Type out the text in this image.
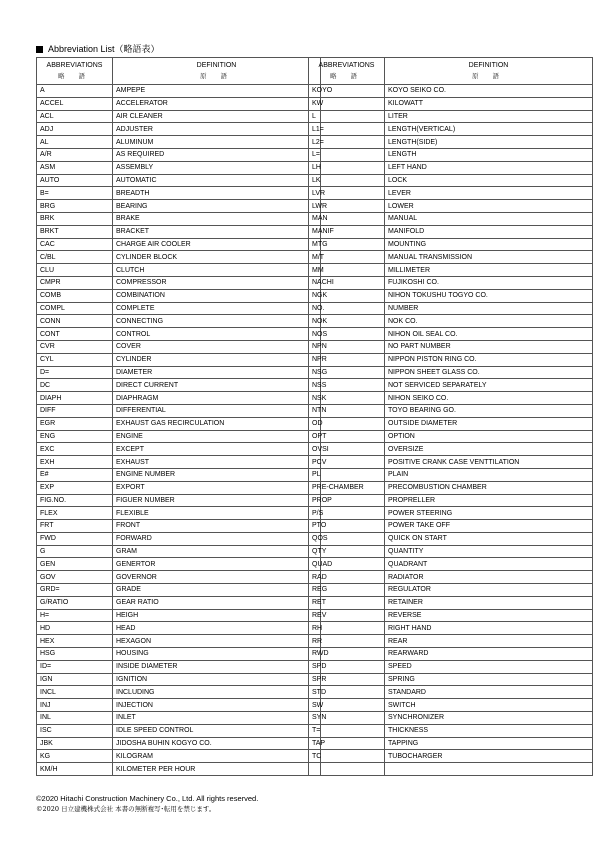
Abbreviation List（略語表）
ABBREVIATIONS
略 語	DEFINITION
原 語

A	AMPEPE
ACCEL	ACCELERATOR
ACL	AIR CLEANER
ADJ	ADJUSTER
AL	ALUMINUM
A/R	AS REQUIRED
ASM	ASSEMBLY
AUTO	AUTOMATIC
B=	BREADTH
BRG	BEARING
BRK	BRAKE
BRKT	BRACKET
CAC	CHARGE AIR COOLER
C/BL	CYLINDER BLOCK
CLU	CLUTCH
CMPR	COMPRESSOR
COMB	COMBINATION
COMPL	COMPLETE
CONN	CONNECTING
CONT	CONTROL
CVR	COVER
CYL	CYLINDER
D=	DIAMETER
DC	DIRECT CURRENT
DIAPH	DIAPHRAGM
DIFF	DIFFERENTIAL
EGR	EXHAUST GAS RECIRCULATION
ENG	ENGINE
EXC	EXCEPT
EXH	EXHAUST
E#	ENGINE NUMBER
EXP	EXPORT
FIG.NO.	FIGUER NUMBER
FLEX	FLEXIBLE
FRT	FRONT
FWD	FORWARD
G	GRAM
GEN	GENERTOR
GOV	GOVERNOR
GRD=	GRADE
G/RATIO	GEAR RATIO
H=	HEIGH
HD	HEAD
HEX	HEXAGON
HSG	HOUSING
ID=	INSIDE DIAMETER
IGN	IGNITION
INCL	INCLUDING
INJ	INJECTION
INL	INLET
ISC	IDLE SPEED CONTROL
JBK	JIDOSHA BUHIN KOGYO CO.
KG	KILOGRAM
KM/H	KILOMETER PER HOUR
ABBREVIATIONS
略 語	DEFINITION
原 語

KOYO	KOYO SEIKO CO.
KW	KILOWATT
L	LITER
L1=	LENGTH(VERTICAL)
L2=	LENGTH(SIDE)
L=	LENGTH
LH	LEFT HAND
LK	LOCK
LVR	LEVER
LWR	LOWER
MAN	MANUAL
MANIF	MANIFOLD
MTG	MOUNTING
M/T	MANUAL TRANSMISSION
MM	MILLIMETER
NACHI	FUJIKOSHI CO.
NGK	NIHON TOKUSHU TOGYO CO.
NO.	NUMBER
NOK	NOK CO.
NOS	NIHON OIL SEAL CO.
NPN	NO PART NUMBER
NPR	NIPPON PISTON RING CO.
NSG	NIPPON SHEET GLASS CO.
NSS	NOT SERVICED SEPARATELY
NSK	NIHON SEIKO CO.
NTN	TOYO BEARING GO.
OD	OUTSIDE DIAMETER
OPT	OPTION
OVSI	OVERSIZE
PCV	POSITIVE CRANK CASE VENTTILATION
PL	PLAIN
PRE-CHAMBER	PRECOMBUSTION CHAMBER
PROP	PROPRELLER
P/S	POWER STEERING
PTO	POWER TAKE OFF
QOS	QUICK ON START
QTY	QUANTITY
QUAD	QUADRANT
RAD	RADIATOR
REG	REGULATOR
RET	RETAINER
REV	REVERSE
RH	RIGHT HAND
RR	REAR
RWD	REARWARD
SPD	SPEED
SPR	SPRING
STD	STANDARD
SW	SWITCH
SYN	SYNCHRONIZER
T=	THICKNESS
TAP	TAPPING
TC	TUBOCHARGER

©2020 Hitachi Construction Machinery Co., Ltd. All rights reserved.
©2020 日立建機株式会社 本書の無断複写･転用を禁じます。
